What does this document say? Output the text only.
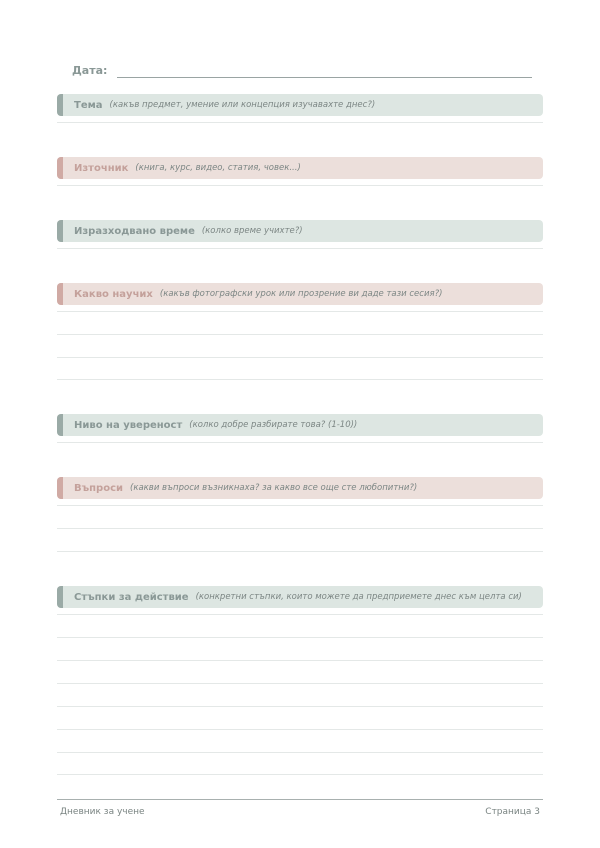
Дата:
Тема (какъв предмет, умение или концепция изучавахте днес?)
Източник (книга, курс, видео, статия, човек...)
Изразходвано време (колко време учихте?)
Какво научих (какъв фотографски урок или прозрение ви даде тази сесия?)
Ниво на увереност (колко добре разбирате това? (1-10))
Въпроси (какви въпроси възникнаха? за какво все още сте любопитни?)
Стъпки за действие (конкретни стъпки, които можете да предприемете днес към целта си)
Дневник за учене	Страница 3
